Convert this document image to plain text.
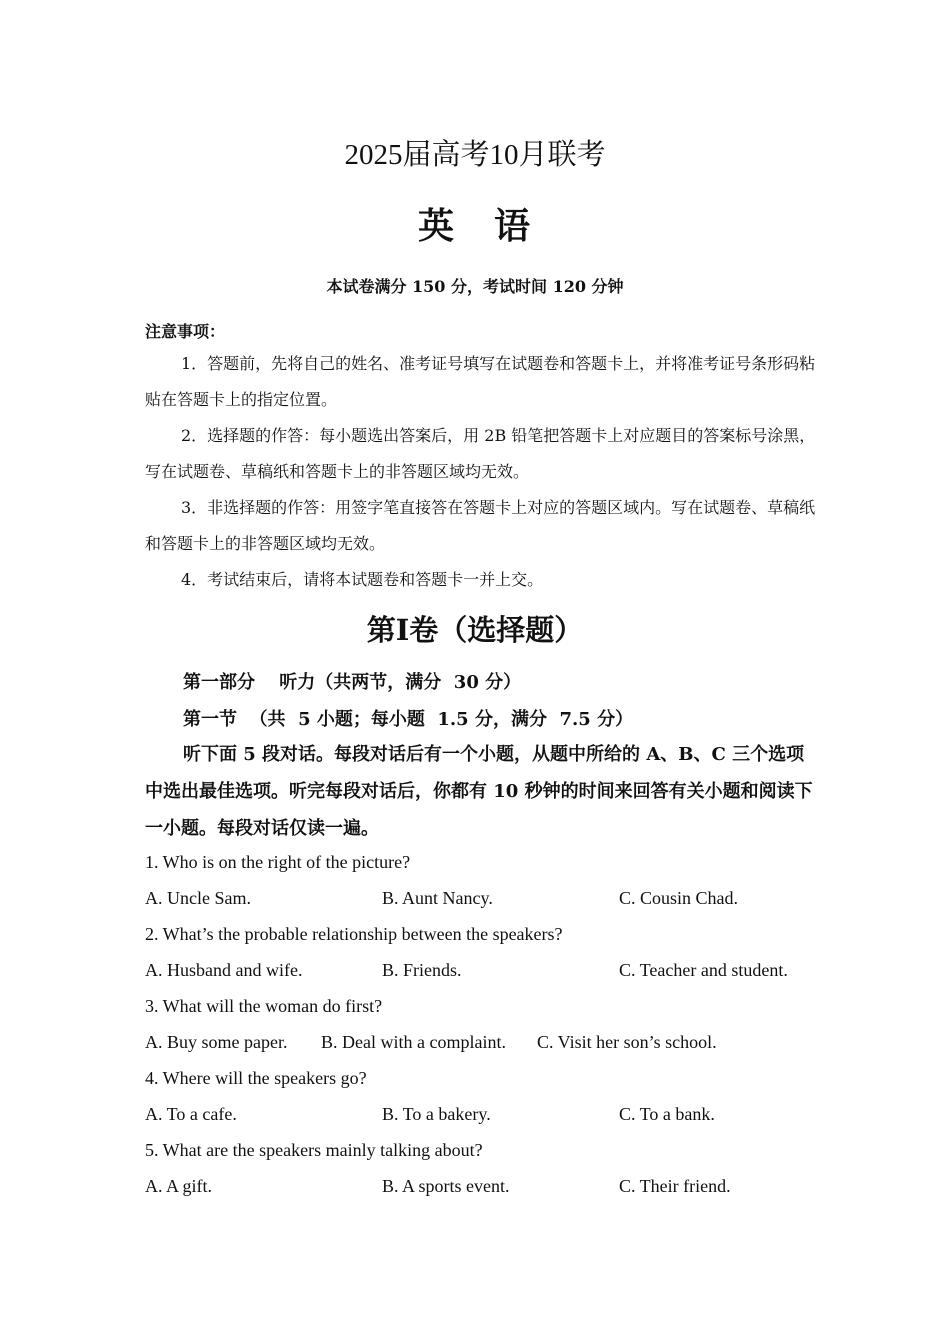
2025届高考10月联考
英　语
本试卷满分 150 分，考试时间 120 分钟
注意事项：
1．答题前，先将自己的姓名、准考证号填写在试题卷和答题卡上，并将准考证号条形码粘贴在答题卡上的指定位置。
2．选择题的作答：每小题选出答案后，用 2B 铅笔把答题卡上对应题目的答案标号涂黑，写在试题卷、草稿纸和答题卡上的非答题区域均无效。
3．非选择题的作答：用签字笔直接答在答题卡上对应的答题区域内。写在试题卷、草稿纸和答题卡上的非答题区域均无效。
4．考试结束后，请将本试题卷和答题卡一并上交。
第Ⅰ卷（选择题）
第一部分　 听力（共两节，满分  30 分）
第一节  （共  5 小题；每小题  1.5 分，满分  7.5 分）
听下面 5 段对话。每段对话后有一个小题，从题中所给的 A、B、C 三个选项中选出最佳选项。听完每段对话后，你都有 10 秒钟的时间来回答有关小题和阅读下一小题。每段对话仅读一遍。
1. Who is on the right of the picture?
A. Uncle Sam.	B. Aunt Nancy.	C. Cousin Chad.
2. What’s the probable relationship between the speakers?
A. Husband and wife.	B. Friends.	C. Teacher and student.
3. What will the woman do first?
A. Buy some paper. B. Deal with a complaint. C. Visit her son’s school.
4. Where will the speakers go?
A. To a cafe.	B. To a bakery.	C. To a bank.
5. What are the speakers mainly talking about?
A. A gift.	B. A sports event.	C. Their friend.
